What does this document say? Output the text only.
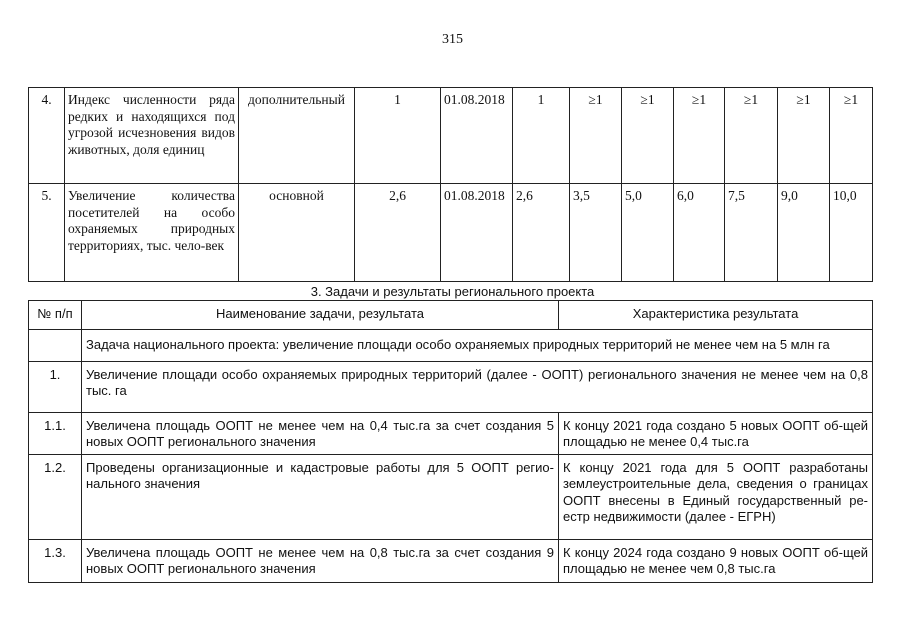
315
4.	Индекс численности ряда редких и находящихся под угрозой исчезновения видов животных, доля единиц	дополнительный	1	01.08.2018	1	≥1	≥1	≥1	≥1	≥1	≥1
5.	Увеличение количества посетителей на особо охраняемых природных территориях, тыс. чело-век	основной	2,6	01.08.2018	2,6	3,5	5,0	6,0	7,5	9,0	10,0
3. Задачи и результаты регионального проекта
№ п/п	Наименование задачи, результата	Характеристика результата
	Задача национального проекта: увеличение площади особо охраняемых природных территорий не менее чем на 5 млн га	
1.	Увеличение площади особо охраняемых природных территорий (далее - ООПТ) регионального значения не менее чем на 0,8 тыс. га	
1.1.	Увеличена площадь ООПТ не менее чем на 0,4 тыс.га за счет создания 5 новых ООПТ регионального значения	К концу 2021 года создано 5 новых ООПТ об-щей площадью не менее 0,4 тыс.га
1.2.	Проведены организационные и кадастровые работы для 5 ООПТ регио-нального значения	К концу 2021 года для 5 ООПТ разработаны землеустроительные дела, сведения о границах ООПТ внесены в Единый государственный ре-естр недвижимости (далее - ЕГРН)
1.3.	Увеличена площадь ООПТ не менее чем на 0,8 тыс.га за счет создания 9 новых ООПТ регионального значения	К концу 2024 года создано 9 новых ООПТ об-щей площадью не менее чем 0,8 тыс.га
